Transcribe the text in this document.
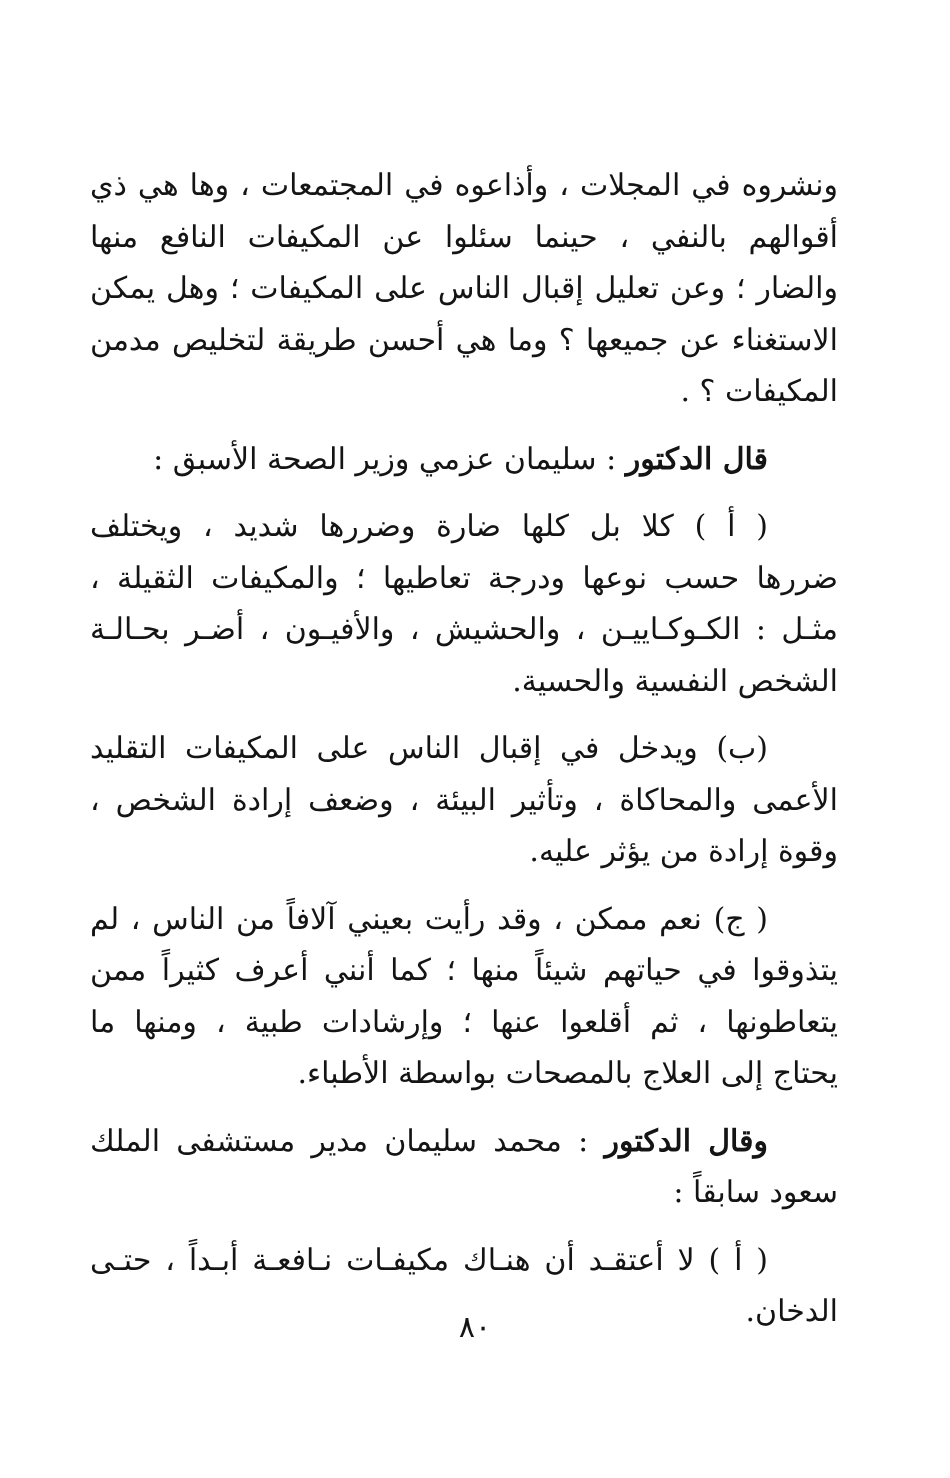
ونشروه في المجلات ، وأذاعوه في المجتمعات ، وها هي ذي
أقوالهم بالنفي ، حينما سئلوا عن المكيفات النافع منها
والضار ؛ وعن تعليل إقبال الناس على المكيفات ؛ وهل يمكن
الاستغناء عن جميعها ؟ وما هي أحسن طريقة لتخليص مدمن
المكيفات ؟ .
قال الدكتور : سليمان عزمي وزير الصحة الأسبق :
( أ ) كلا بل كلها ضارة وضررها شديد ، ويختلف
ضررها حسب نوعها ودرجة تعاطيها ؛ والمكيفات الثقيلة ،
مثـل : الكـوكـاييـن ، والحشيش ، والأفيـون ، أضـر بحـالـة
الشخص النفسية والحسية.
(ب) ويدخل في إقبال الناس على المكيفات التقليد
الأعمى والمحاكاة ، وتأثير البيئة ، وضعف إرادة الشخص ،
وقوة إرادة من يؤثر عليه.
( ج) نعم ممكن ، وقد رأيت بعيني آلافاً من الناس ، لم
يتذوقوا في حياتهم شيئاً منها ؛ كما أنني أعرف كثيراً ممن
يتعاطونها ، ثم أقلعوا عنها ؛ وإرشادات طبية ، ومنها ما
يحتاج إلى العلاج بالمصحات بواسطة الأطباء.
وقال الدكتور : محمد سليمان مدير مستشفى الملك
سعود سابقاً :
( أ ) لا أعتقـد أن هنـاك مكيفـات نـافعـة أبـداً ، حتـى
الدخان.
٨٠
